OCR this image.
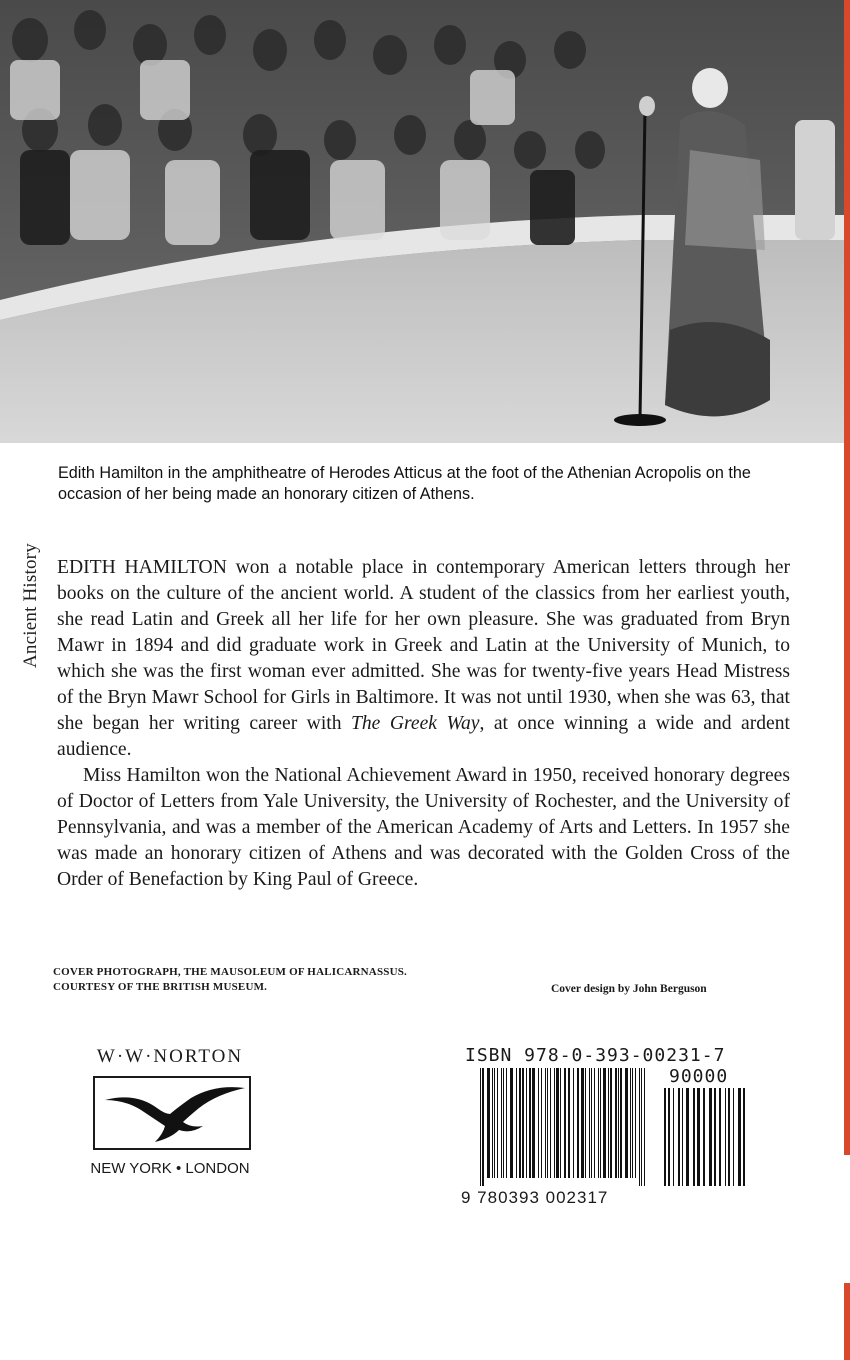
Edith Hamilton in the amphitheatre of Herodes Atticus at the foot of the Athenian Acropolis on the occasion of her being made an honorary citizen of Athens.
Ancient History EDITH HAMILTON won a notable place in contemporary American letters through her books on the culture of the ancient world. A student of the classics from her earliest youth, she read Latin and Greek all her life for her own pleasure. She was graduated from Bryn Mawr in 1894 and did graduate work in Greek and Latin at the University of Munich, to which she was the first woman ever admitted. She was for twenty-five years Head Mistress of the Bryn Mawr School for Girls in Baltimore. It was not until 1930, when she was 63, that she began her writing career with The Greek Way, at once winning a wide and ardent audience.

Miss Hamilton won the National Achievement Award in 1950, received honorary degrees of Doctor of Letters from Yale University, the University of Rochester, and the University of Pennsylvania, and was a member of the American Academy of Arts and Letters. In 1957 she was made an honorary citizen of Athens and was decorated with the Golden Cross of the Order of Benefaction by King Paul of Greece.

COVER PHOTOGRAPH, THE MAUSOLEUM OF HALICARNASSUS.
COURTESY OF THE BRITISH MUSEUM.	Cover design by John Berguson
W·W·NORTON
NEW YORK • LONDON
ISBN 978-0-393-00231-7
90000
9 780393 002317
